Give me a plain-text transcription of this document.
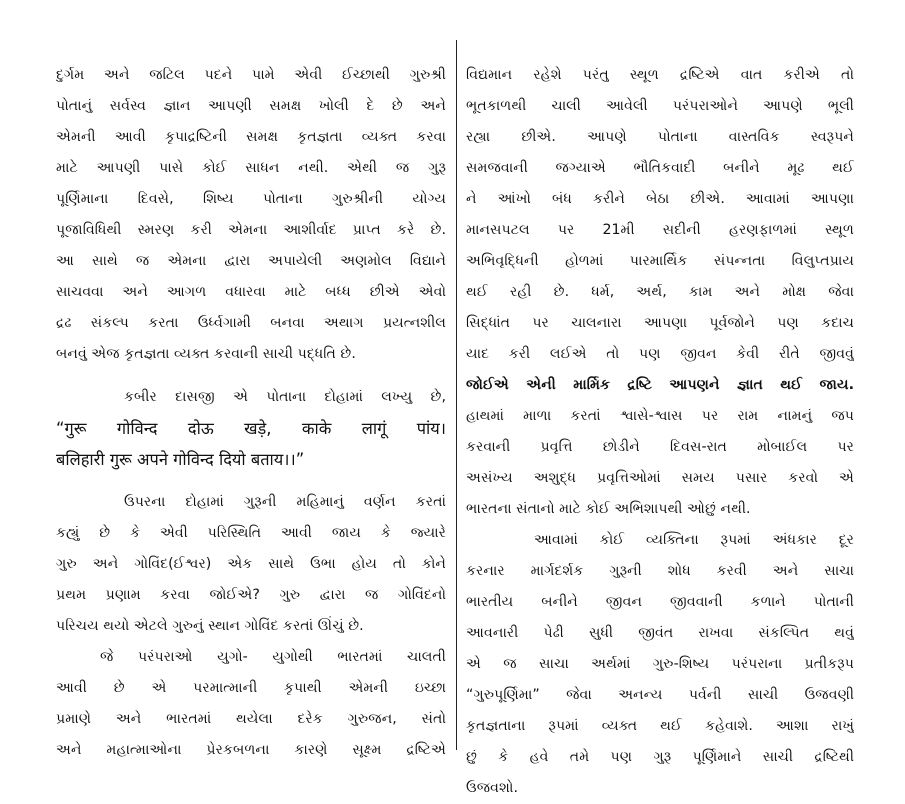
દુર્ગમ અને જટિલ પદને પામે એવી ઈચ્છાથી ગુરુશ્રી
પોતાનું સર્વસ્વ જ્ઞાન આપણી સમક્ષ ખોલી દે છે અને
એમની આવી કૃપાદ્રષ્ટિની સમક્ષ કૃતજ્ઞતા વ્યક્ત કરવા
માટે આપણી પાસે કોઈ સાધન નથી. એથી જ ગુરૂ
પૂર્ણિમાના દિવસે, શિષ્ય પોતાના ગુરુશ્રીની યોગ્ય
પૂજાવિધિથી સ્મરણ કરી એમના આશીર્વાદ પ્રાપ્ત કરે છે.
આ સાથે જ એમના દ્વારા અપાયેલી અણમોલ વિદ્યાને
સાચવવા અને આગળ વધારવા માટે બધ્ધ છીએ એવો
દ્રઢ સંકલ્પ કરતા ઉર્ધ્વગામી બનવા અથાગ પ્રયત્નશીલ
બનવું એજ કૃતજ્ઞતા વ્યક્ત કરવાની સાચી પદ્ધતિ છે.
કબીર દાસજી એ પોતાના દોહામાં લખ્યુ છે,
“गुरू गोविन्द दोऊ खड़े, काके लागूं पांय।
बलिहारी गुरू अपने गोविन्द दियो बताय।।”
ઉપરના દોહામાં ગુરૂની મહિમાનું વર્ણન કરતાં
કહ્યું છે કે એવી પરિસ્થિતિ આવી જાય કે જ્યારે
ગુરુ અને ગોવિંદ(ઈશ્વર) એક સાથે ઉભા હોય તો કોને
પ્રથમ પ્રણામ કરવા જોઈએ? ગુરુ દ્વારા જ ગોવિંદનો
પરિચય થયો એટલે ગુરુનું સ્થાન ગોવિંદ કરતાં ઊંચું છે.
જે પરંપરાઓ યુગો- યુગોથી ભારતમાં ચાલતી
આવી છે એ પરમાત્માની કૃપાથી એમની ઇચ્છા
પ્રમાણે અને ભારતમાં થયેલા દરેક ગુરુજન, સંતો
અને મહાત્માઓના પ્રેરકબળના કારણે સૂક્ષ્મ દ્રષ્ટિએ
વિદ્યમાન રહેશે પરંતુ સ્થૂળ દ્રષ્ટિએ વાત કરીએ તો
ભૂતકાળથી ચાલી આવેલી પરંપરાઓને આપણે ભૂલી
રહ્યા છીએ. આપણે પોતાના વાસ્તવિક સ્વરૂપને
સમજવાની જગ્યાએ ભૌતિકવાદી બનીને મૂઢ થઈ
ને આંખો બંધ કરીને બેઠા છીએ. આવામાં આપણા
માનસપટલ પર 21મી સદીની હરણફાળમાં સ્થૂળ
અભિવૃદ્ધિની હોળમાં પારમાર્થિક સંપન્નતા વિલુપ્તપ્રાય
થઈ રહી છે. ધર્મ, અર્થ, કામ અને મોક્ષ જેવા
સિદ્ધાંત પર ચાલનારા આપણા પૂર્વજોને પણ કદાચ
યાદ કરી લઈએ તો પણ જીવન કેવી રીતે જીવવું
જોઈએ એની માર્મિક દ્રષ્ટિ આપણને જ્ઞાત થઈ જાય.
હાથમાં માળા કરતાં શ્વાસે-શ્વાસ પર રામ નામનું જપ
કરવાની પ્રવૃત્તિ છોડીને દિવસ-રાત મોબાઈલ પર
અસંખ્ય અશુદ્ધ પ્રવૃત્તિઓમાં સમય પસાર કરવો એ
ભારતના સંતાનો માટે કોઈ અભિશાપથી ઓછું નથી.
આવામાં કોઈ વ્યક્તિના રૂપમાં અંધકાર દૂર
કરનાર માર્ગદર્શક ગુરૂની શોધ કરવી અને સાચા
ભારતીય બનીને જીવન જીવવાની કળાને પોતાની
આવનારી પેઢી સુધી જીવંત રાખવા સંકલ્પિત થવું
એ જ સાચા અર્થમાં ગુરુ-શિષ્ય પરંપરાના પ્રતીકરૂપ
“ગુરુપૂર્ણિમા” જેવા અનન્ય પર્વની સાચી ઉજવણી
કૃતજ્ઞતાના રૂપમાં વ્યક્ત થઈ કહેવાશે. આશા રાખું
છું કે હવે તમે પણ ગુરૂ પૂર્ણિમાને સાચી દ્રષ્ટિથી
ઉજવશો.
